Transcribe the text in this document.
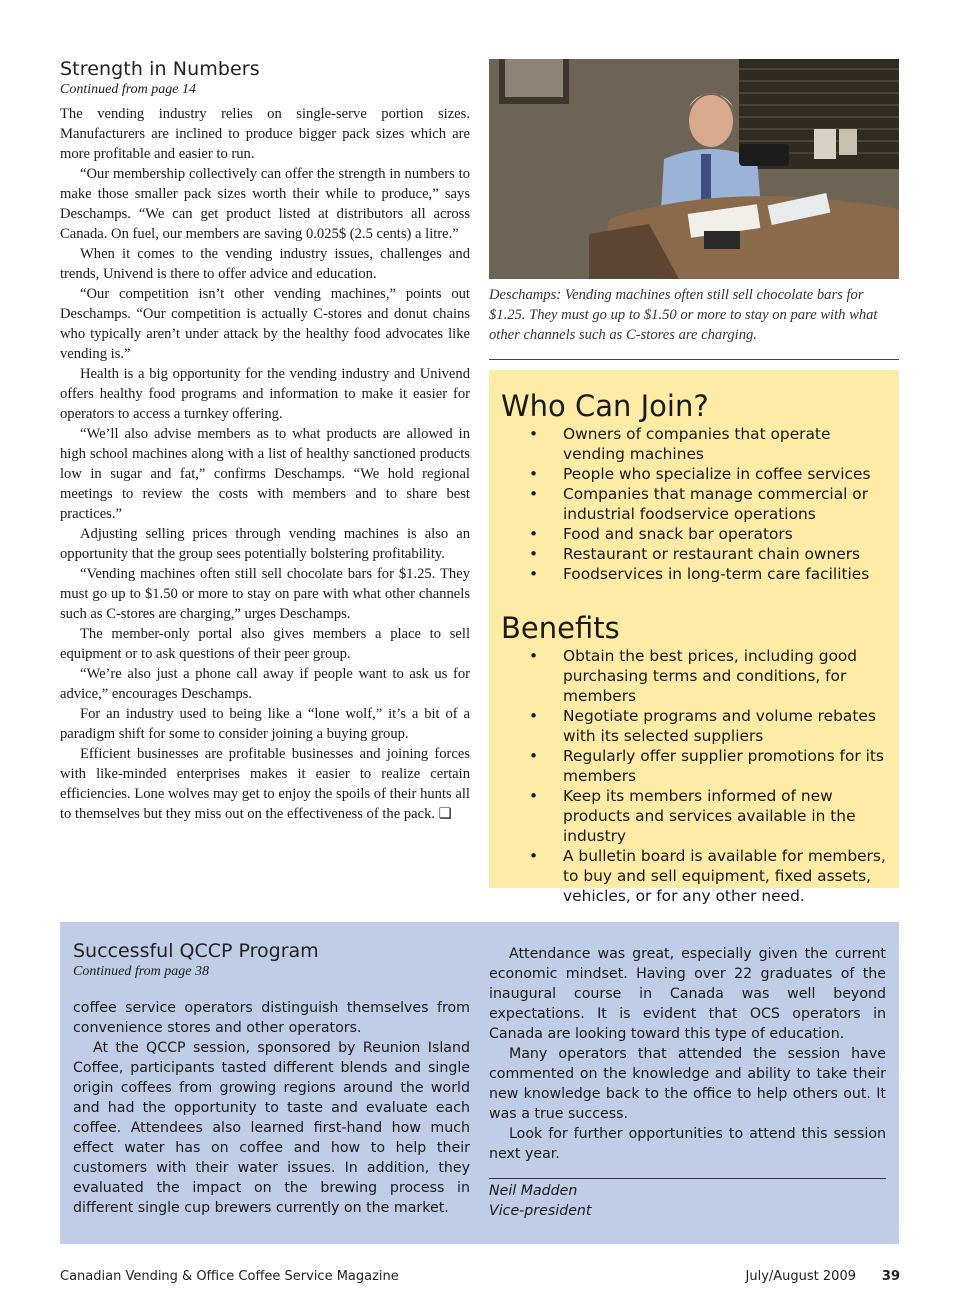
Strength in Numbers
Continued from page 14

The vending industry relies on single-serve portion sizes. Manufacturers are inclined to produce bigger pack sizes which are more profitable and easier to run.

“Our membership collectively can offer the strength in numbers to make those smaller pack sizes worth their while to produce,” says Deschamps. “We can get product listed at distributors all across Canada. On fuel, our members are saving 0.025$ (2.5 cents) a litre.”

When it comes to the vending industry issues, challenges and trends, Univend is there to offer advice and education.

“Our competition isn’t other vending machines,” points out Deschamps. “Our competition is actually C-stores and donut chains who typically aren’t under attack by the healthy food advocates like vending is.”

Health is a big opportunity for the vending industry and Univend offers healthy food programs and information to make it easier for operators to access a turnkey offering.

“We’ll also advise members as to what products are allowed in high school machines along with a list of healthy sanctioned products low in sugar and fat,” confirms Deschamps. “We hold regional meetings to review the costs with members and to share best practices.”

Adjusting selling prices through vending machines is also an opportunity that the group sees potentially bolstering profitability.

“Vending machines often still sell chocolate bars for $1.25. They must go up to $1.50 or more to stay on pare with what other channels such as C-stores are charging,” urges Deschamps.

The member-only portal also gives members a place to sell equipment or to ask questions of their peer group.

“We’re also just a phone call away if people want to ask us for advice,” encourages Deschamps.

For an industry used to being like a “lone wolf,” it’s a bit of a paradigm shift for some to consider joining a buying group.

Efficient businesses are profitable businesses and joining forces with like-minded enterprises makes it easier to realize certain efficiencies. Lone wolves may get to enjoy the spoils of their hunts all to themselves but they miss out on the effectiveness of the pack. ❏

Deschamps: Vending machines often still sell chocolate bars for $1.25. They must go up to $1.50 or more to stay on pare with what other channels such as C-stores are charging.
Who Can Join?
• Owners of companies that operate vending machines
• People who specialize in coffee services
• Companies that manage commercial or industrial foodservice operations
• Food and snack bar operators
• Restaurant or restaurant chain owners
• Foodservices in long-term care facilities
Benefits
• Obtain the best prices, including good purchasing terms and conditions, for members
• Negotiate programs and volume rebates with its selected suppliers
• Regularly offer supplier promotions for its members
• Keep its members informed of new products and services available in the industry
• A bulletin board is available for members, to buy and sell equipment, fixed assets, vehicles, or for any other need.
Successful QCCP Program
Continued from page 38

coffee service operators distinguish themselves from convenience stores and other operators.

At the QCCP session, sponsored by Reunion Island Coffee, participants tasted different blends and single origin coffees from growing regions around the world and had the opportunity to taste and evaluate each coffee. Attendees also learned first-hand how much effect water has on coffee and how to help their customers with their water issues. In addition, they evaluated the impact on the brewing process in different single cup brewers currently on the market.

Attendance was great, especially given the current economic mindset. Having over 22 graduates of the inaugural course in Canada was well beyond expectations. It is evident that OCS operators in Canada are looking toward this type of education.

Many operators that attended the session have commented on the knowledge and ability to take their new knowledge back to the office to help others out. It was a true success.

Look for further opportunities to attend this session next year.

Neil Madden
Vice-president
Canadian Vending & Office Coffee Service Magazine	July/August 2009 39
